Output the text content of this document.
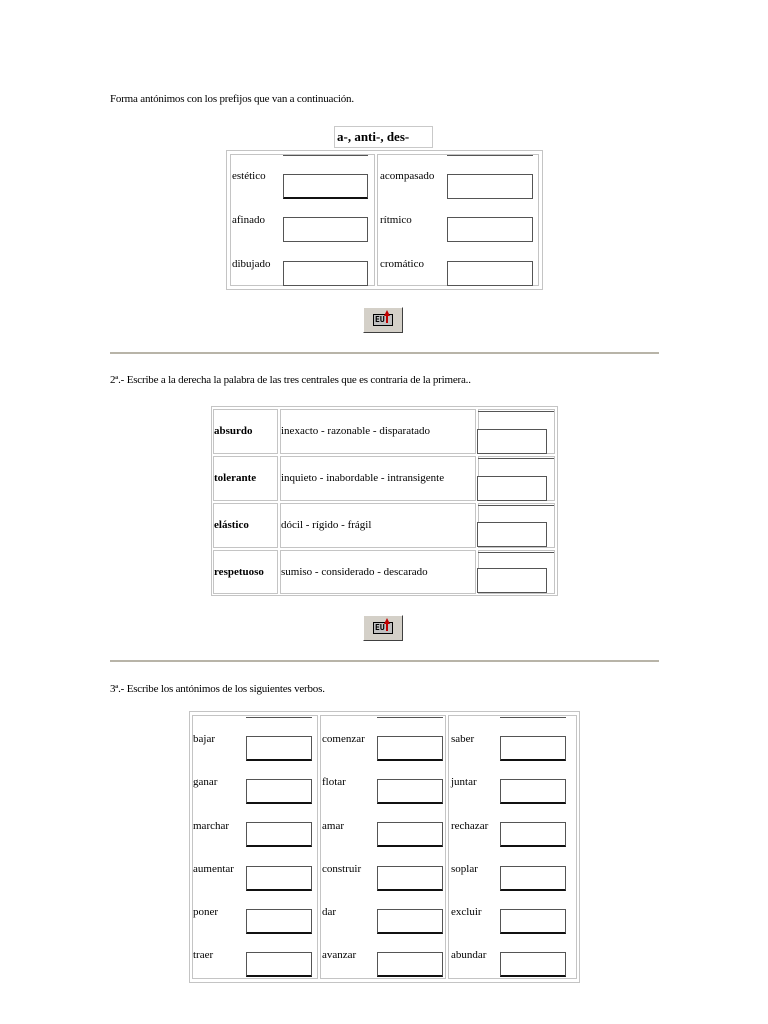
Forma antónimos con los prefijos que van a continuación.
a-, anti-, des-
estético
afinado
dibujado
acompasado
rítmico
cromático
EU
2ª.- Escribe a la derecha la palabra de las tres centrales que es contraria de la primera..
absurdo
tolerante
elástico
respetuoso
inexacto - razonable - disparatado
inquieto - inabordable - intransigente
dócil - rígido - frágil
sumiso - considerado - descarado
EU
3ª.- Escribe los antónimos de los siguientes verbos.
bajar
ganar
marchar
aumentar
poner
traer
comenzar
flotar
amar
construir
dar
avanzar
saber
juntar
rechazar
soplar
excluir
abundar
